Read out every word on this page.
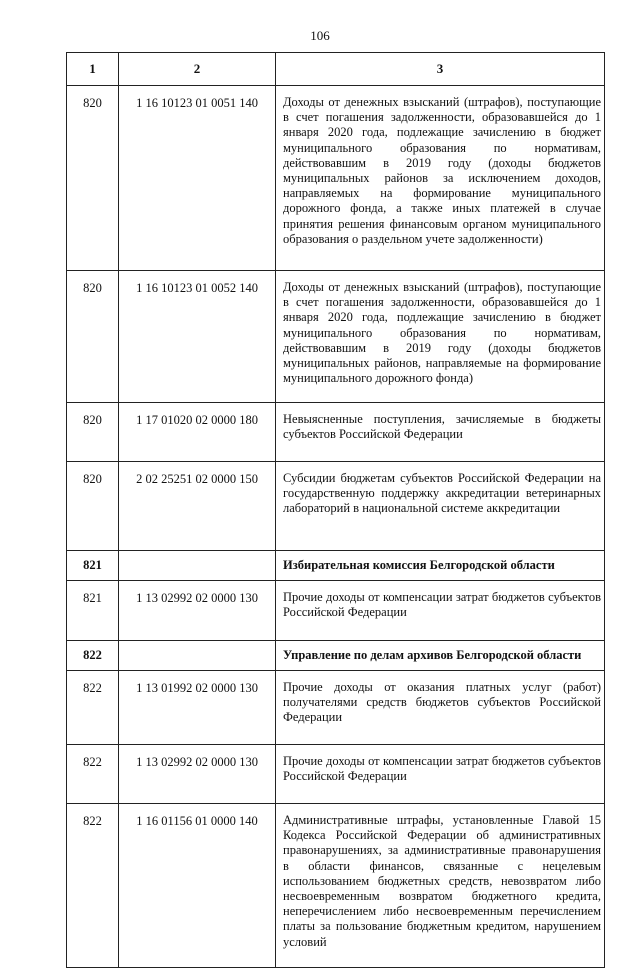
106
1	2	3
820	1 16 10123 01 0051 140	Доходы от денежных взысканий (штрафов), поступающие в счет погашения задолженности, образовавшейся до 1 января 2020 года, подлежащие зачислению в бюджет муниципального образования по нормативам, действовавшим в 2019 году (доходы бюджетов муниципальных районов за исключением доходов, направляемых на формирование муниципального дорожного фонда, а также иных платежей в случае принятия решения финансовым органом муниципального образования о раздельном учете задолженности)
820	1 16 10123 01 0052 140	Доходы от денежных взысканий (штрафов), поступающие в счет погашения задолженности, образовавшейся до 1 января 2020 года, подлежащие зачислению в бюджет муниципального образования по нормативам, действовавшим в 2019 году (доходы бюджетов муниципальных районов, направляемые на формирование муниципального дорожного фонда)
820	1 17 01020 02 0000 180	Невыясненные поступления, зачисляемые в бюджеты субъектов Российской Федерации
820	2 02 25251 02 0000 150	Субсидии бюджетам субъектов Российской Федерации на государственную поддержку аккредитации ветеринарных лабораторий в национальной системе аккредитации
821		Избирательная комиссия Белгородской области
821	1 13 02992 02 0000 130	Прочие доходы от компенсации затрат бюджетов субъектов Российской Федерации
822		Управление по делам архивов Белгородской области
822	1 13 01992 02 0000 130	Прочие доходы от оказания платных услуг (работ) получателями средств бюджетов субъектов Российской Федерации
822	1 13 02992 02 0000 130	Прочие доходы от компенсации затрат бюджетов субъектов Российской Федерации
822	1 16 01156 01 0000 140	Административные штрафы, установленные Главой 15 Кодекса Российской Федерации об административных правонарушениях, за административные правонарушения в области финансов, связанные с нецелевым использованием бюджетных средств, невозвратом либо несвоевременным возвратом бюджетного кредита, неперечислением либо несвоевременным перечислением платы за пользование бюджетным кредитом, нарушением условий
